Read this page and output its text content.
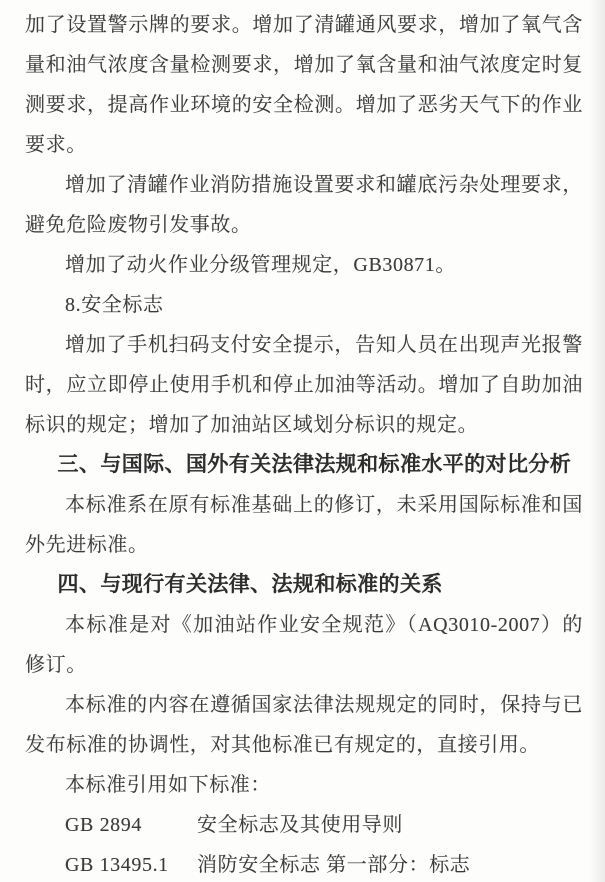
加了设置警示牌的要求。增加了清罐通风要求，增加了氧气含量和油气浓度含量检测要求，增加了氧含量和油气浓度定时复测要求，提高作业环境的安全检测。增加了恶劣天气下的作业要求。

增加了清罐作业消防措施设置要求和罐底污杂处理要求，避免危险废物引发事故。

增加了动火作业分级管理规定，GB30871。

8.安全标志

增加了手机扫码支付安全提示，告知人员在出现声光报警时，应立即停止使用手机和停止加油等活动。增加了自助加油标识的规定；增加了加油站区域划分标识的规定。

三、与国际、国外有关法律法规和标准水平的对比分析

本标准系在原有标准基础上的修订，未采用国际标准和国外先进标准。

四、与现行有关法律、法规和标准的关系

本标准是对《加油站作业安全规范》（AQ3010-2007）的修订。

本标准的内容在遵循国家法律法规规定的同时，保持与已发布标准的协调性，对其他标准已有规定的，直接引用。

本标准引用如下标准：

GB 2894	安全标志及其使用导则
GB 13495.1	消防安全标志 第一部分：标志
